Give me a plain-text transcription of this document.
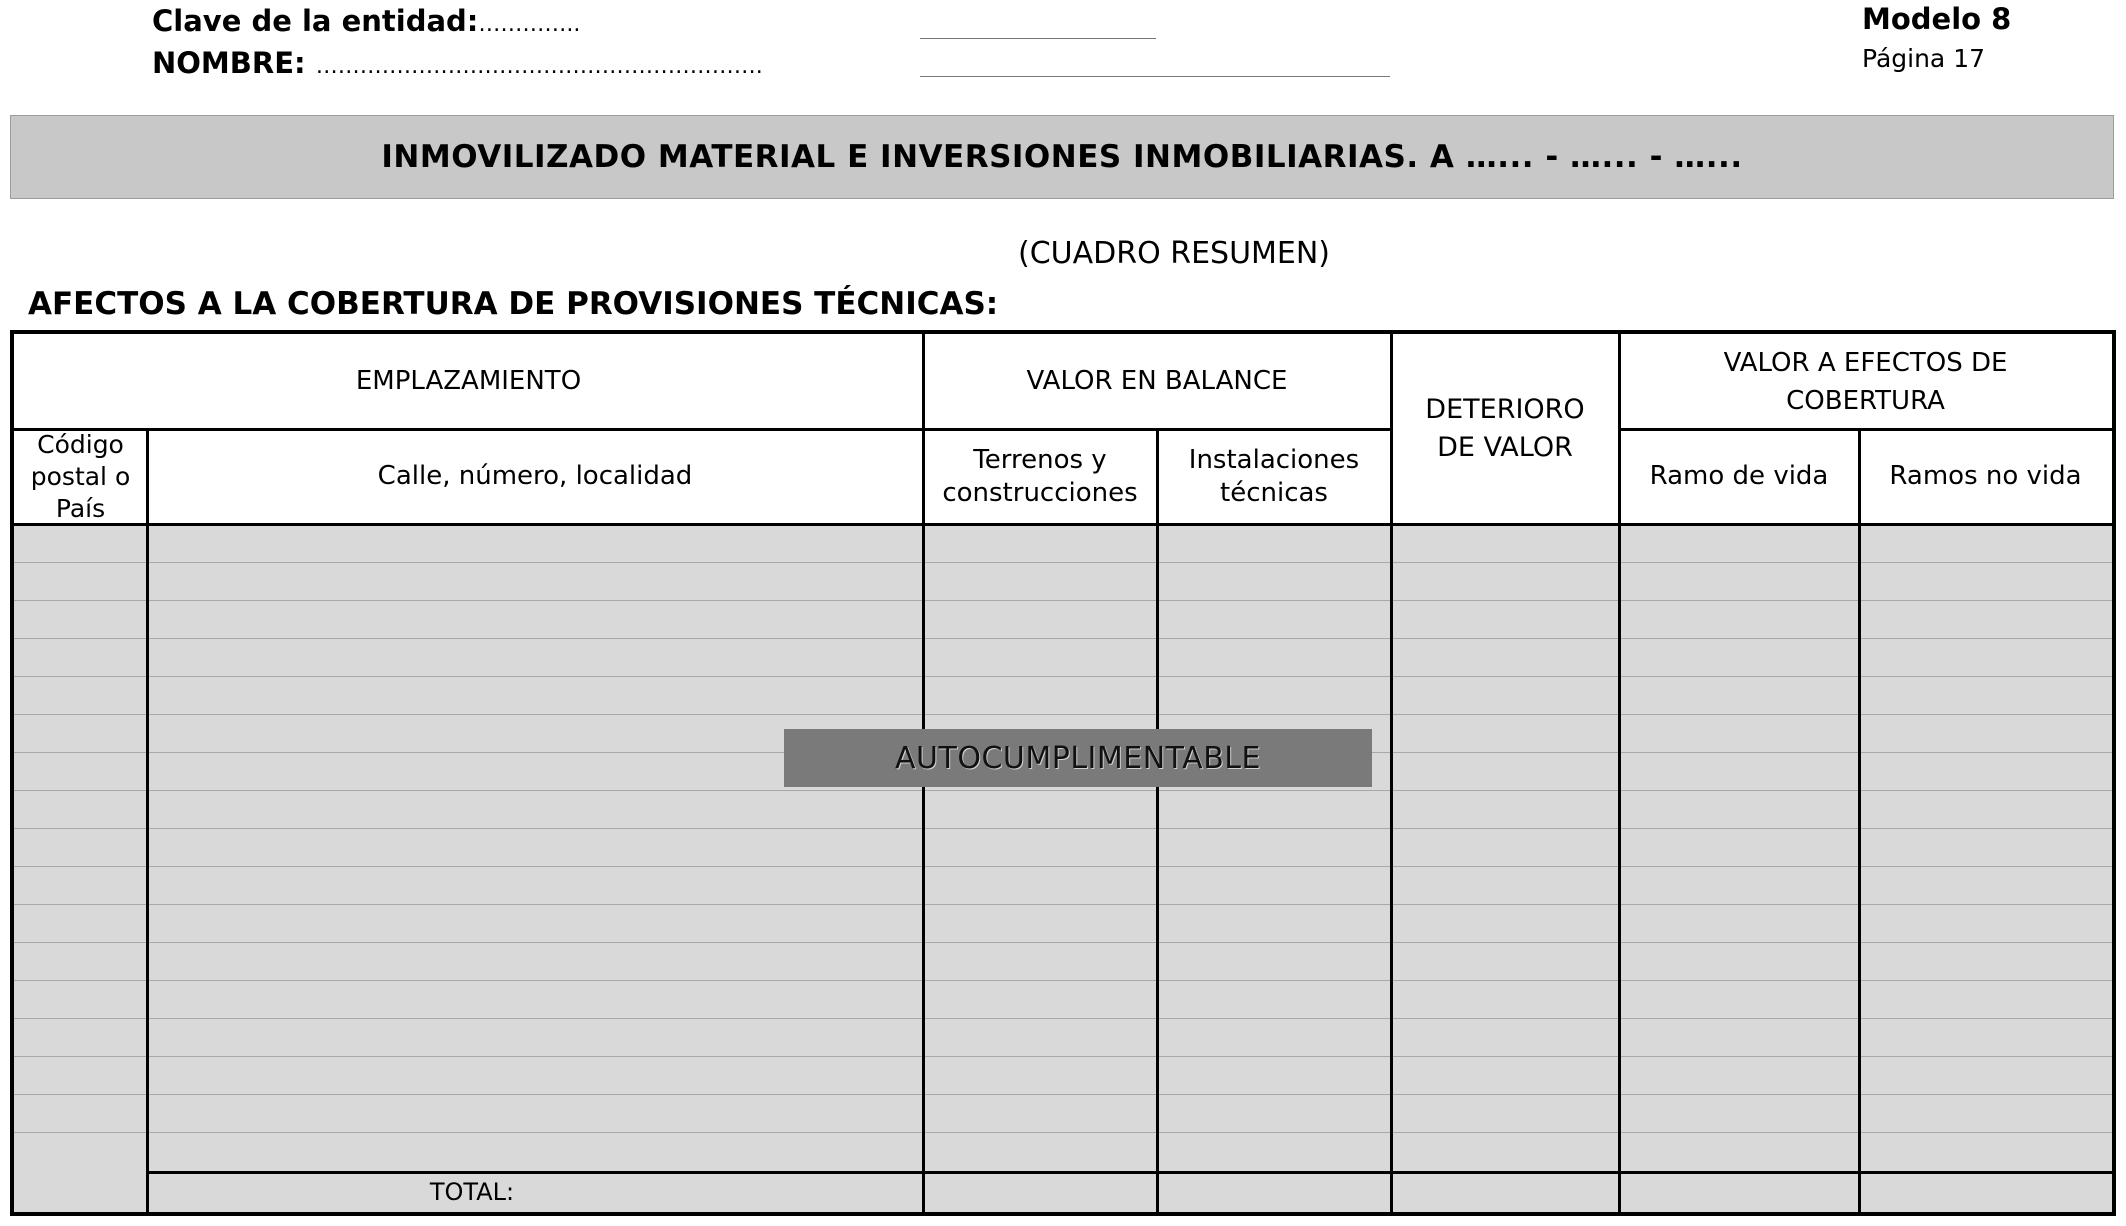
Clave de la entidad:…………..
NOMBRE: …………………………………………………….
Modelo 8
Página 17
INMOVILIZADO MATERIAL E INVERSIONES INMOBILIARIAS. A …... - …... - …...
(CUADRO RESUMEN)
AFECTOS A LA COBERTURA DE PROVISIONES TÉCNICAS:
EMPLAZAMIENTO	VALOR EN BALANCE
DETERIORO DE VALOR
VALOR A EFECTOS DE COBERTURA
Código postal o País
Calle, número, localidad
Terrenos y construcciones
Instalaciones técnicas
Ramo de vida	Ramos no vida
TOTAL:
AUTOCUMPLIMENTABLE
